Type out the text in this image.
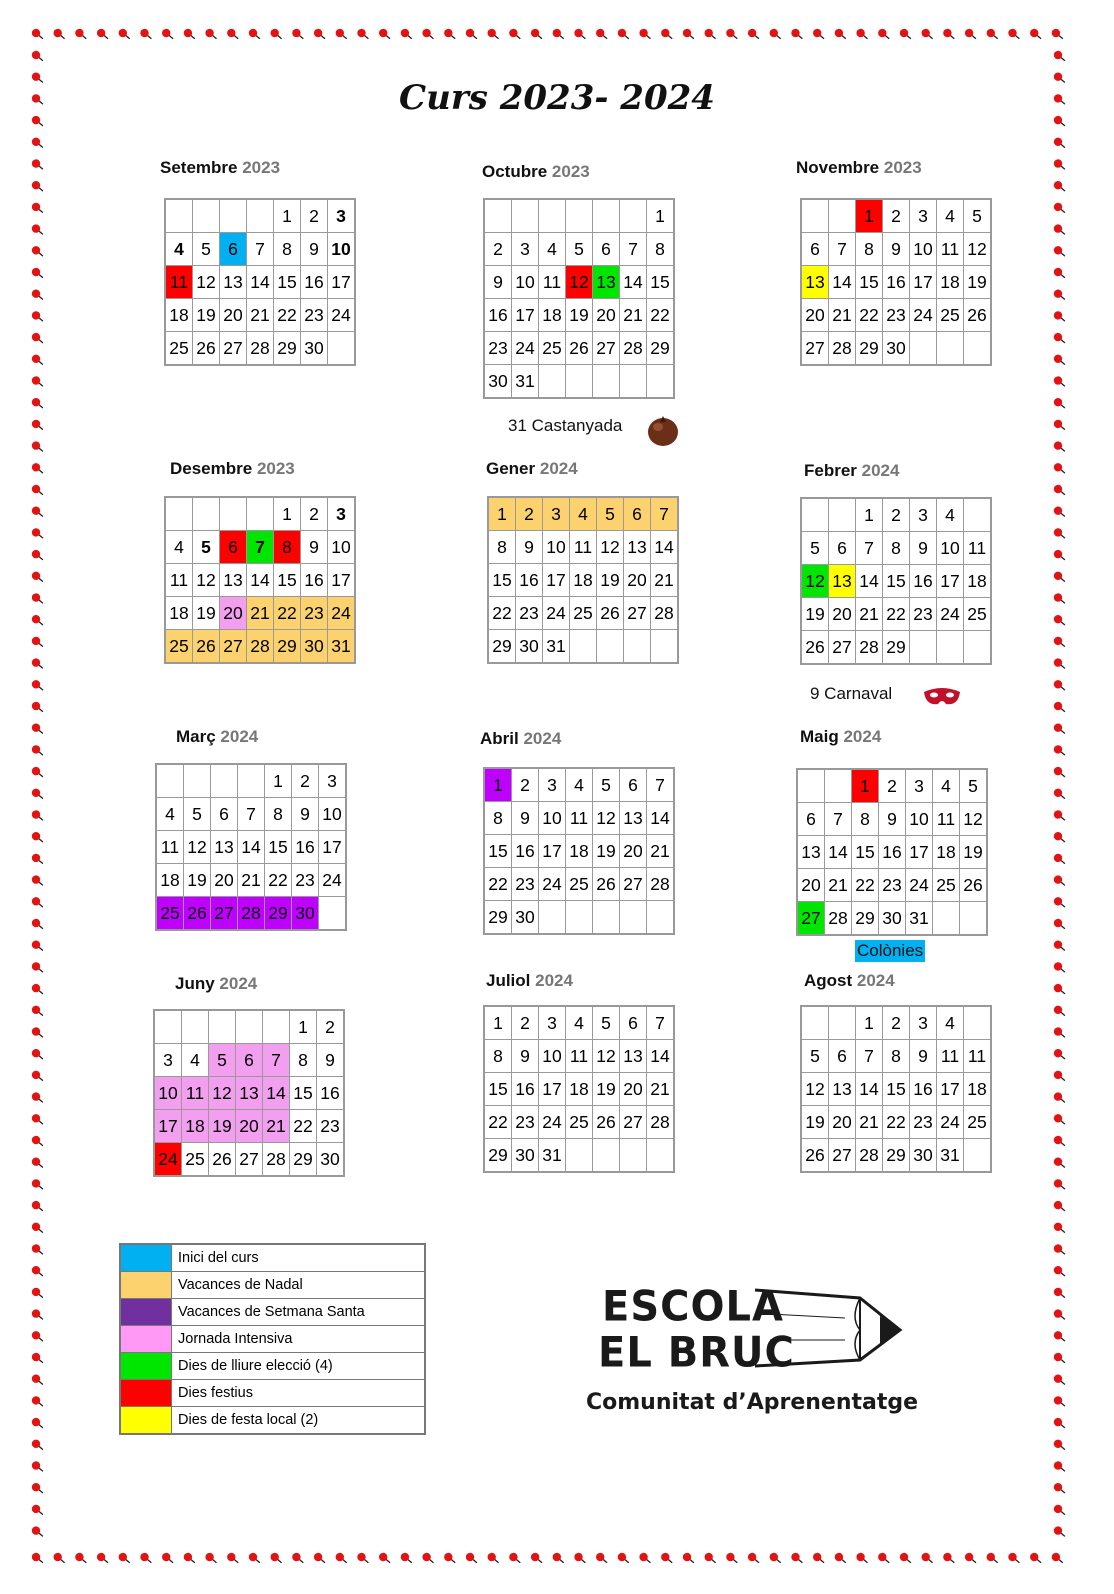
Curs 2023- 2024
Setembre 2023
				1	2	3
4	5	6	7	8	9	10
11	12	13	14	15	16	17
18	19	20	21	22	23	24
25	26	27	28	29	30	
Octubre 2023
						1
2	3	4	5	6	7	8
9	10	11	12	13	14	15
16	17	18	19	20	21	22
23	24	25	26	27	28	29
30	31					
Novembre 2023
		1	2	3	4	5
6	7	8	9	10	11	12
13	14	15	16	17	18	19
20	21	22	23	24	25	26
27	28	29	30			
Desembre 2023
				1	2	3
4	5	6	7	8	9	10
11	12	13	14	15	16	17
18	19	20	21	22	23	24
25	26	27	28	29	30	31
Gener 2024
1	2	3	4	5	6	7
8	9	10	11	12	13	14
15	16	17	18	19	20	21
22	23	24	25	26	27	28
29	30	31				
Febrer 2024
		1	2	3	4	
5	6	7	8	9	10	11
12	13	14	15	16	17	18
19	20	21	22	23	24	25
26	27	28	29			
Març 2024
				1	2	3
4	5	6	7	8	9	10
11	12	13	14	15	16	17
18	19	20	21	22	23	24
25	26	27	28	29	30	
Abril 2024
1	2	3	4	5	6	7
8	9	10	11	12	13	14
15	16	17	18	19	20	21
22	23	24	25	26	27	28
29	30					
Maig 2024
		1	2	3	4	5
6	7	8	9	10	11	12
13	14	15	16	17	18	19
20	21	22	23	24	25	26
27	28	29	30	31		
Juny 2024
					1	2
3	4	5	6	7	8	9
10	11	12	13	14	15	16
17	18	19	20	21	22	23
24	25	26	27	28	29	30
Juliol 2024
1	2	3	4	5	6	7
8	9	10	11	12	13	14
15	16	17	18	19	20	21
22	23	24	25	26	27	28
29	30	31				
Agost 2024
		1	2	3	4	
5	6	7	8	9	11	11
12	13	14	15	16	17	18
19	20	21	22	23	24	25
26	27	28	29	30	31	
31 Castanyada
9 Carnaval
Colònies
	Inici del curs
	Vacances de Nadal
	Vacances de Setmana Santa
	Jornada Intensiva
	Dies de lliure elecció (4)
	Dies festius
	Dies de festa local (2)
ESCOLA
EL BRUC
Comunitat d’Aprenentatge
